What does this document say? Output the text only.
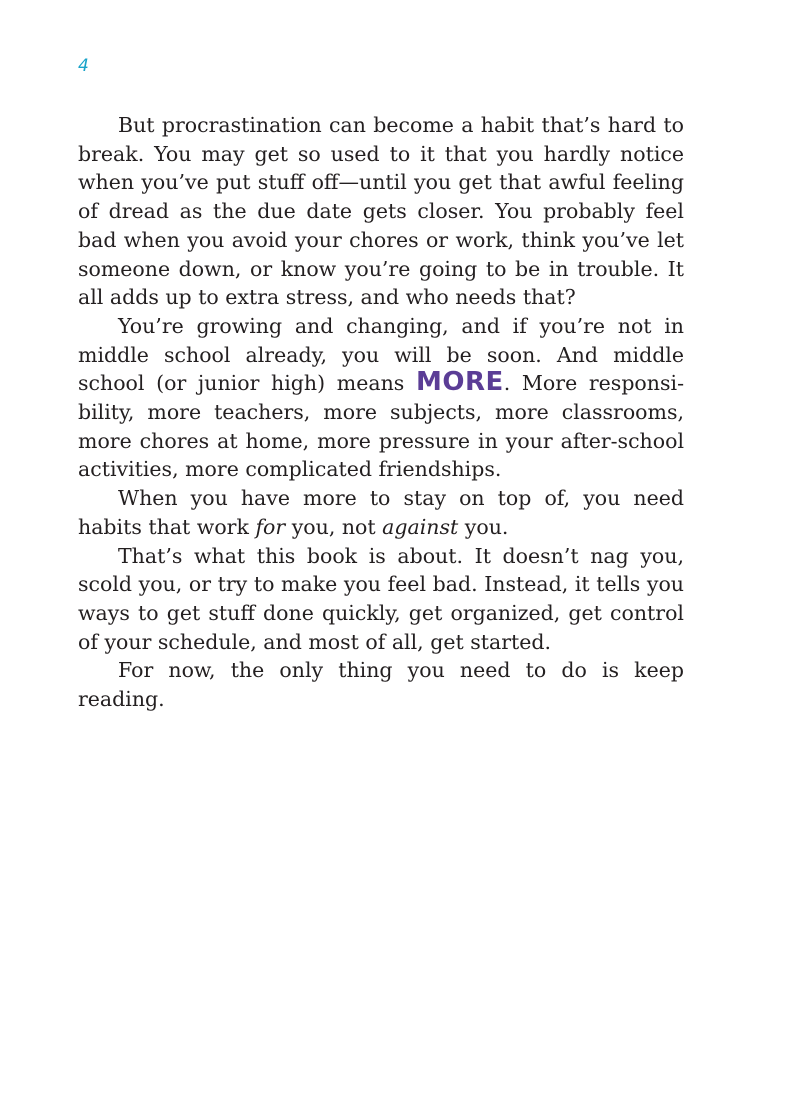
4

But procrastination can become a habit that’s hard to break. You may get so used to it that you hardly notice when you’ve put stuff off—until you get that awful feeling of dread as the due date gets closer. You probably feel bad when you avoid your chores or work, think you’ve let someone down, or know you’re going to be in trouble. It all adds up to extra stress, and who needs that?

You’re growing and changing, and if you’re not in middle school already, you will be soon. And middle school (or junior high) means MORE. More responsibility, more teachers, more subjects, more classrooms, more chores at home, more pressure in your after-school activities, more complicated friendships.

When you have more to stay on top of, you need habits that work for you, not against you.

That’s what this book is about. It doesn’t nag you, scold you, or try to make you feel bad. Instead, it tells you ways to get stuff done quickly, get organized, get control of your schedule, and most of all, get started.

For now, the only thing you need to do is keep reading.
